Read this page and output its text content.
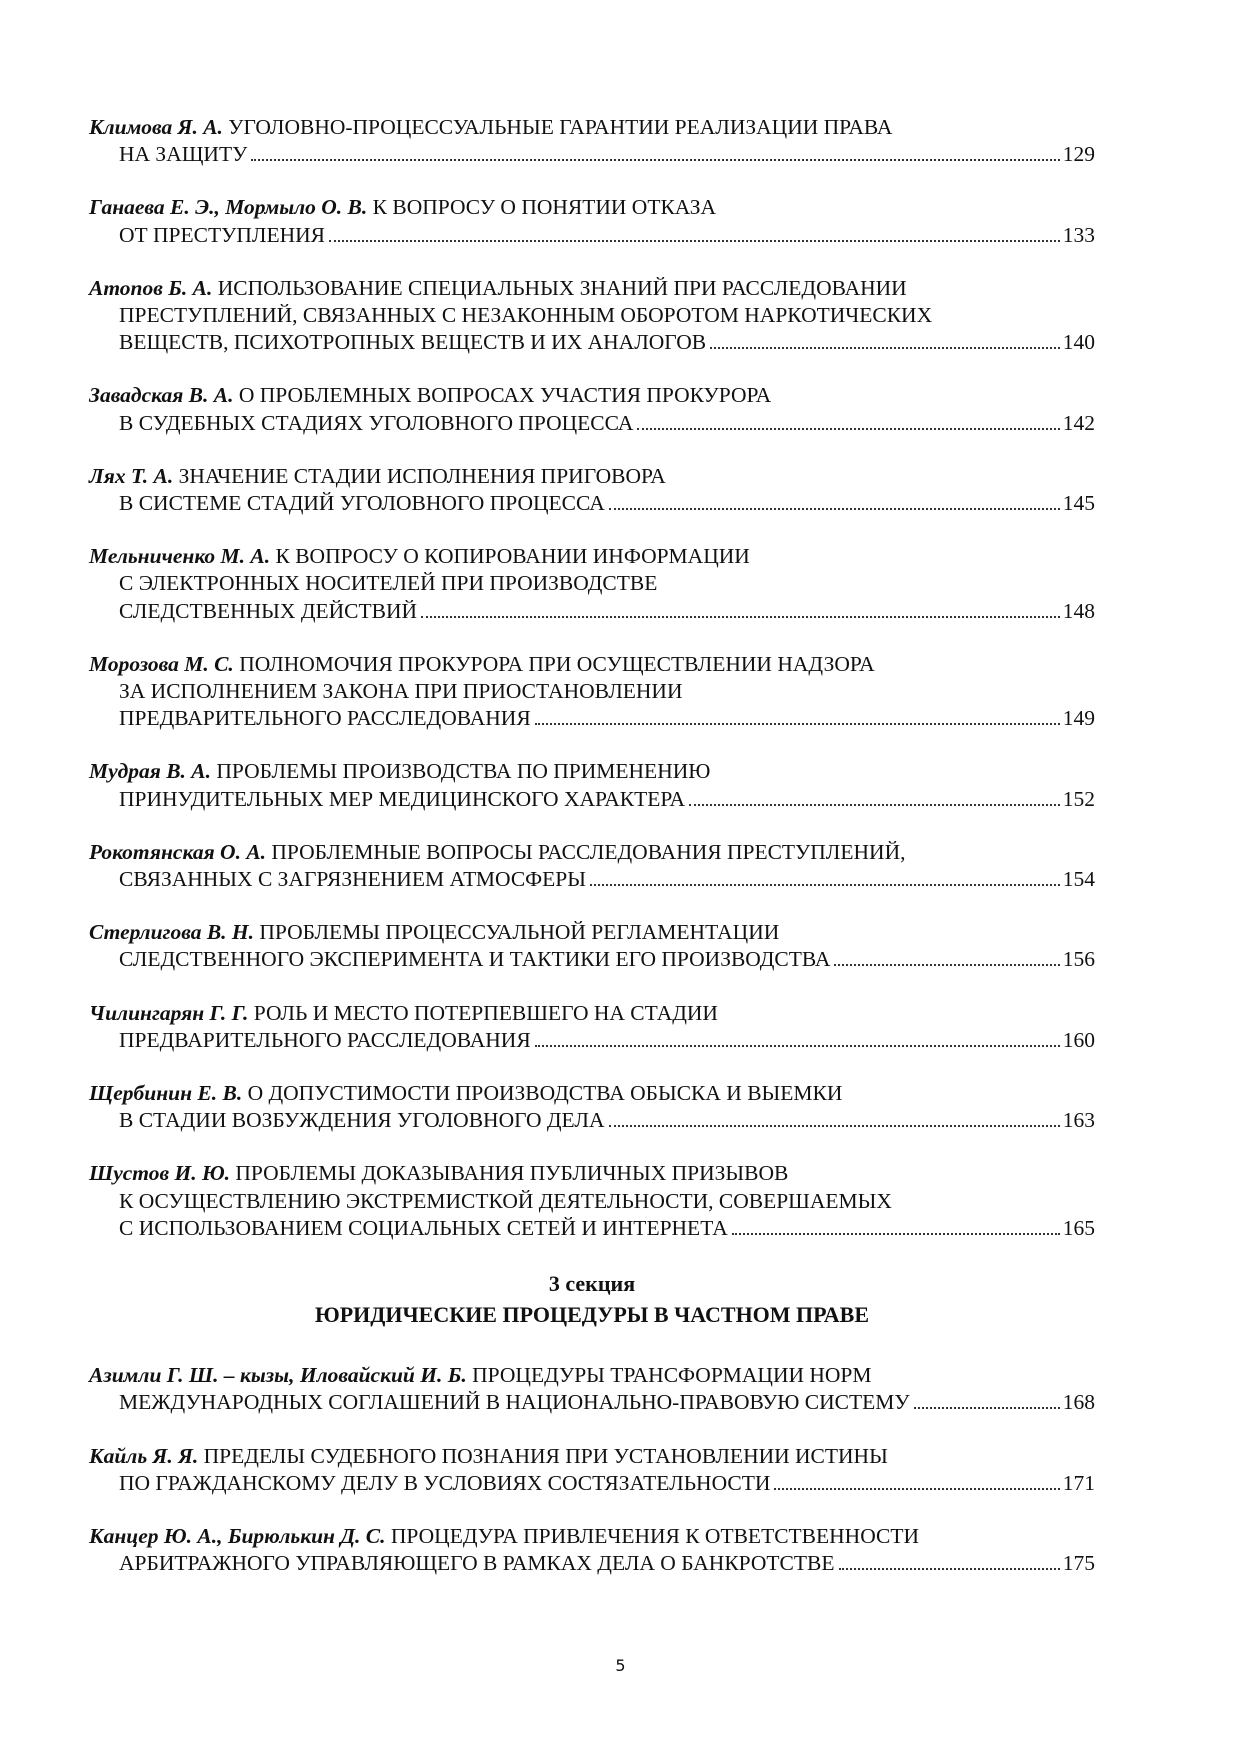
Климова Я. А. УГОЛОВНО-ПРОЦЕССУАЛЬНЫЕ ГАРАНТИИ РЕАЛИЗАЦИИ ПРАВА
НА ЗАЩИТУ	129
Ганаева Е. Э., Мормыло О. В. К ВОПРОСУ О ПОНЯТИИ ОТКАЗА
ОТ ПРЕСТУПЛЕНИЯ	133
Атопов Б. А. ИСПОЛЬЗОВАНИЕ СПЕЦИАЛЬНЫХ ЗНАНИЙ ПРИ РАССЛЕДОВАНИИ
ПРЕСТУПЛЕНИЙ, СВЯЗАННЫХ С НЕЗАКОННЫМ ОБОРОТОМ НАРКОТИЧЕСКИХ
ВЕЩЕСТВ, ПСИХОТРОПНЫХ ВЕЩЕСТВ И ИХ АНАЛОГОВ	140
Завадская В. А. О ПРОБЛЕМНЫХ ВОПРОСАХ УЧАСТИЯ ПРОКУРОРА
В СУДЕБНЫХ СТАДИЯХ УГОЛОВНОГО ПРОЦЕССА	142
Лях Т. А. ЗНАЧЕНИЕ СТАДИИ ИСПОЛНЕНИЯ ПРИГОВОРА
В СИСТЕМЕ СТАДИЙ УГОЛОВНОГО ПРОЦЕССА	145
Мельниченко М. А. К ВОПРОСУ О КОПИРОВАНИИ ИНФОРМАЦИИ
С ЭЛЕКТРОННЫХ НОСИТЕЛЕЙ ПРИ ПРОИЗВОДСТВЕ
СЛЕДСТВЕННЫХ ДЕЙСТВИЙ	148
Морозова М. С. ПОЛНОМОЧИЯ ПРОКУРОРА ПРИ ОСУЩЕСТВЛЕНИИ НАДЗОРА
ЗА ИСПОЛНЕНИЕМ ЗАКОНА ПРИ ПРИОСТАНОВЛЕНИИ
ПРЕДВАРИТЕЛЬНОГО РАССЛЕДОВАНИЯ	149
Мудрая В. А. ПРОБЛЕМЫ ПРОИЗВОДСТВА ПО ПРИМЕНЕНИЮ
ПРИНУДИТЕЛЬНЫХ МЕР МЕДИЦИНСКОГО ХАРАКТЕРА	152
Рокотянская О. А. ПРОБЛЕМНЫЕ ВОПРОСЫ РАССЛЕДОВАНИЯ ПРЕСТУПЛЕНИЙ,
СВЯЗАННЫХ С ЗАГРЯЗНЕНИЕМ АТМОСФЕРЫ	154
Стерлигова В. Н. ПРОБЛЕМЫ ПРОЦЕССУАЛЬНОЙ РЕГЛАМЕНТАЦИИ
СЛЕДСТВЕННОГО ЭКСПЕРИМЕНТА И ТАКТИКИ ЕГО ПРОИЗВОДСТВА	156
Чилингарян Г. Г. РОЛЬ И МЕСТО ПОТЕРПЕВШЕГО НА СТАДИИ
ПРЕДВАРИТЕЛЬНОГО РАССЛЕДОВАНИЯ	160
Щербинин Е. В. О ДОПУСТИМОСТИ ПРОИЗВОДСТВА ОБЫСКА И ВЫЕМКИ
В СТАДИИ ВОЗБУЖДЕНИЯ УГОЛОВНОГО ДЕЛА	163
Шустов И. Ю. ПРОБЛЕМЫ ДОКАЗЫВАНИЯ ПУБЛИЧНЫХ ПРИЗЫВОВ
К ОСУЩЕСТВЛЕНИЮ ЭКСТРЕМИСТКОЙ ДЕЯТЕЛЬНОСТИ, СОВЕРШАЕМЫХ
С ИСПОЛЬЗОВАНИЕМ СОЦИАЛЬНЫХ СЕТЕЙ И ИНТЕРНЕТА	165
3 секция
ЮРИДИЧЕСКИЕ ПРОЦЕДУРЫ В ЧАСТНОМ ПРАВЕ
Азимли Г. Ш. – кызы, Иловайский И. Б. ПРОЦЕДУРЫ ТРАНСФОРМАЦИИ НОРМ
МЕЖДУНАРОДНЫХ СОГЛАШЕНИЙ В НАЦИОНАЛЬНО-ПРАВОВУЮ СИСТЕМУ	168
Кайль Я. Я. ПРЕДЕЛЫ СУДЕБНОГО ПОЗНАНИЯ ПРИ УСТАНОВЛЕНИИ ИСТИНЫ
ПО ГРАЖДАНСКОМУ ДЕЛУ В УСЛОВИЯХ СОСТЯЗАТЕЛЬНОСТИ	171
Канцер Ю. А., Бирюлькин Д. С. ПРОЦЕДУРА ПРИВЛЕЧЕНИЯ К ОТВЕТСТВЕННОСТИ
АРБИТРАЖНОГО УПРАВЛЯЮЩЕГО В РАМКАХ ДЕЛА О БАНКРОТСТВЕ	175
5
